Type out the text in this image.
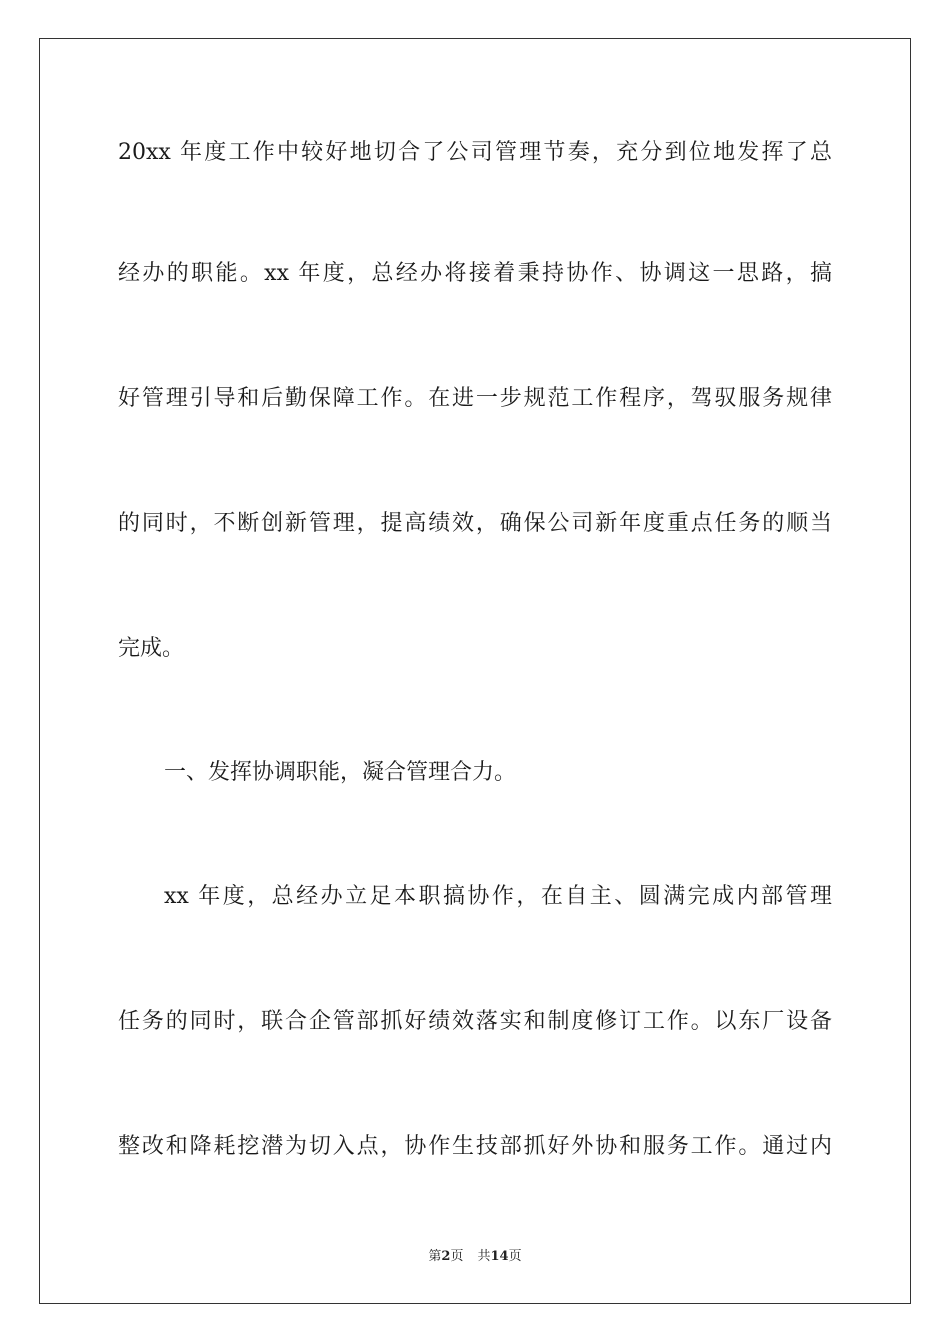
20xx 年度工作中较好地切合了公司管理节奏，充分到位地发挥了总
经办的职能。xx 年度，总经办将接着秉持协作、协调这一思路，搞
好管理引导和后勤保障工作。在进一步规范工作程序，驾驭服务规律
的同时，不断创新管理，提高绩效，确保公司新年度重点任务的顺当
完成。
一、发挥协调职能，凝合管理合力。
xx 年度，总经办立足本职搞协作，在自主、圆满完成内部管理
任务的同时，联合企管部抓好绩效落实和制度修订工作。以东厂设备
整改和降耗挖潜为切入点，协作生技部抓好外协和服务工作。通过内
第2页 共14页
